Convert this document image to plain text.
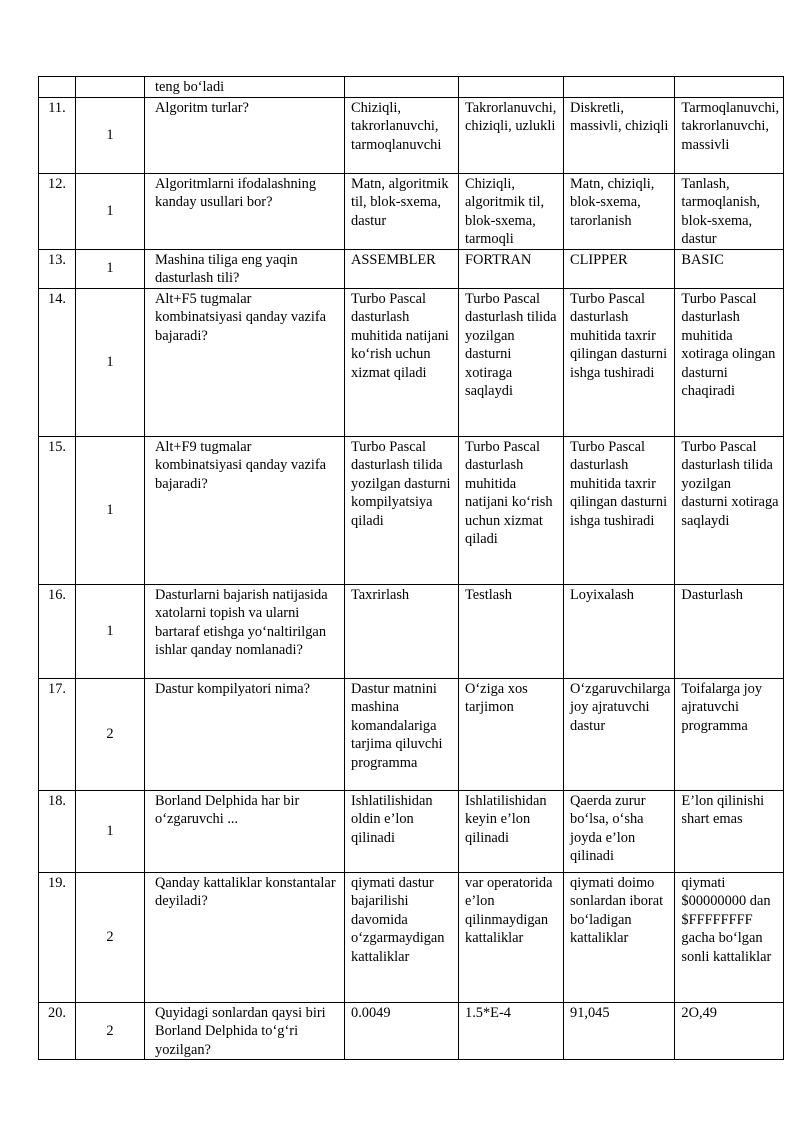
		teng bo‘ladi				
11.	1	Algoritm turlar?	Chiziqli, takrorlanuvchi, tarmoqlanuvchi	Takrorlanuvchi, chiziqli, uzlukli	Diskretli, massivli, chiziqli	Tarmoqlanuvchi, takrorlanuvchi, massivli
12.	1	Algoritmlarni ifodalashning kanday usullari bor?	Matn, algoritmik til, blok-sxema, dastur	Chiziqli, algoritmik til, blok-sxema, tarmoqli	Matn, chiziqli, blok-sxema, tarorlanish	Tanlash, tarmoqlanish, blok-sxema, dastur
13.	1	Mashina tiliga eng yaqin dasturlash tili?	ASSEMBLER	FORTRAN	CLIPPER	BASIC
14.	1	Alt+F5 tugmalar kombinatsiyasi qanday vazifa bajaradi?	Turbo Pascal dasturlash muhitida natijani ko‘rish uchun xizmat qiladi	Turbo Pascal dasturlash tilida yozilgan dasturni xotiraga saqlaydi	Turbo Pascal dasturlash muhitida taxrir qilingan dasturni ishga tushiradi	Turbo Pascal dasturlash muhitida xotiraga olingan dasturni chaqiradi
15.	1	Alt+F9 tugmalar kombinatsiyasi qanday vazifa bajaradi?	Turbo Pascal dasturlash tilida yozilgan dasturni kompilyatsiya qiladi	Turbo Pascal dasturlash muhitida natijani ko‘rish uchun xizmat qiladi	Turbo Pascal dasturlash muhitida taxrir qilingan dasturni ishga tushiradi	Turbo Pascal dasturlash tilida yozilgan dasturni xotiraga saqlaydi
16.	1	Dasturlarni bajarish natijasida xatolarni topish va ularni bartaraf etishga yo‘naltirilgan ishlar qanday nomlanadi?	Taxrirlash	Testlash	Loyixalash	Dasturlash
17.	2	Dastur kompilyatori nima?	Dastur matnini mashina komandalariga tarjima qiluvchi programma	O‘ziga xos tarjimon	O‘zgaruvchilarga joy ajratuvchi dastur	Toifalarga joy ajratuvchi programma
18.	1	Borland Delphida har bir o‘zgaruvchi ...	Ishlatilishidan oldin e’lon qilinadi	Ishlatilishidan keyin e’lon qilinadi	Qaerda zurur bo‘lsa, o‘sha joyda e’lon qilinadi	E’lon qilinishi shart emas
19.	2	Qanday kattaliklar konstantalar deyiladi?	qiymati dastur bajarilishi davomida o‘zgarmaydigan kattaliklar	var operatorida e’lon qilinmaydigan kattaliklar	qiymati doimo sonlardan iborat bo‘ladigan kattaliklar	qiymati $00000000 dan $FFFFFFFF gacha bo‘lgan sonli kattaliklar
20.	2	Quyidagi sonlardan qaysi biri Borland Delphida to‘g‘ri yozilgan?	0.0049	1.5*E-4	91,045	2O,49
